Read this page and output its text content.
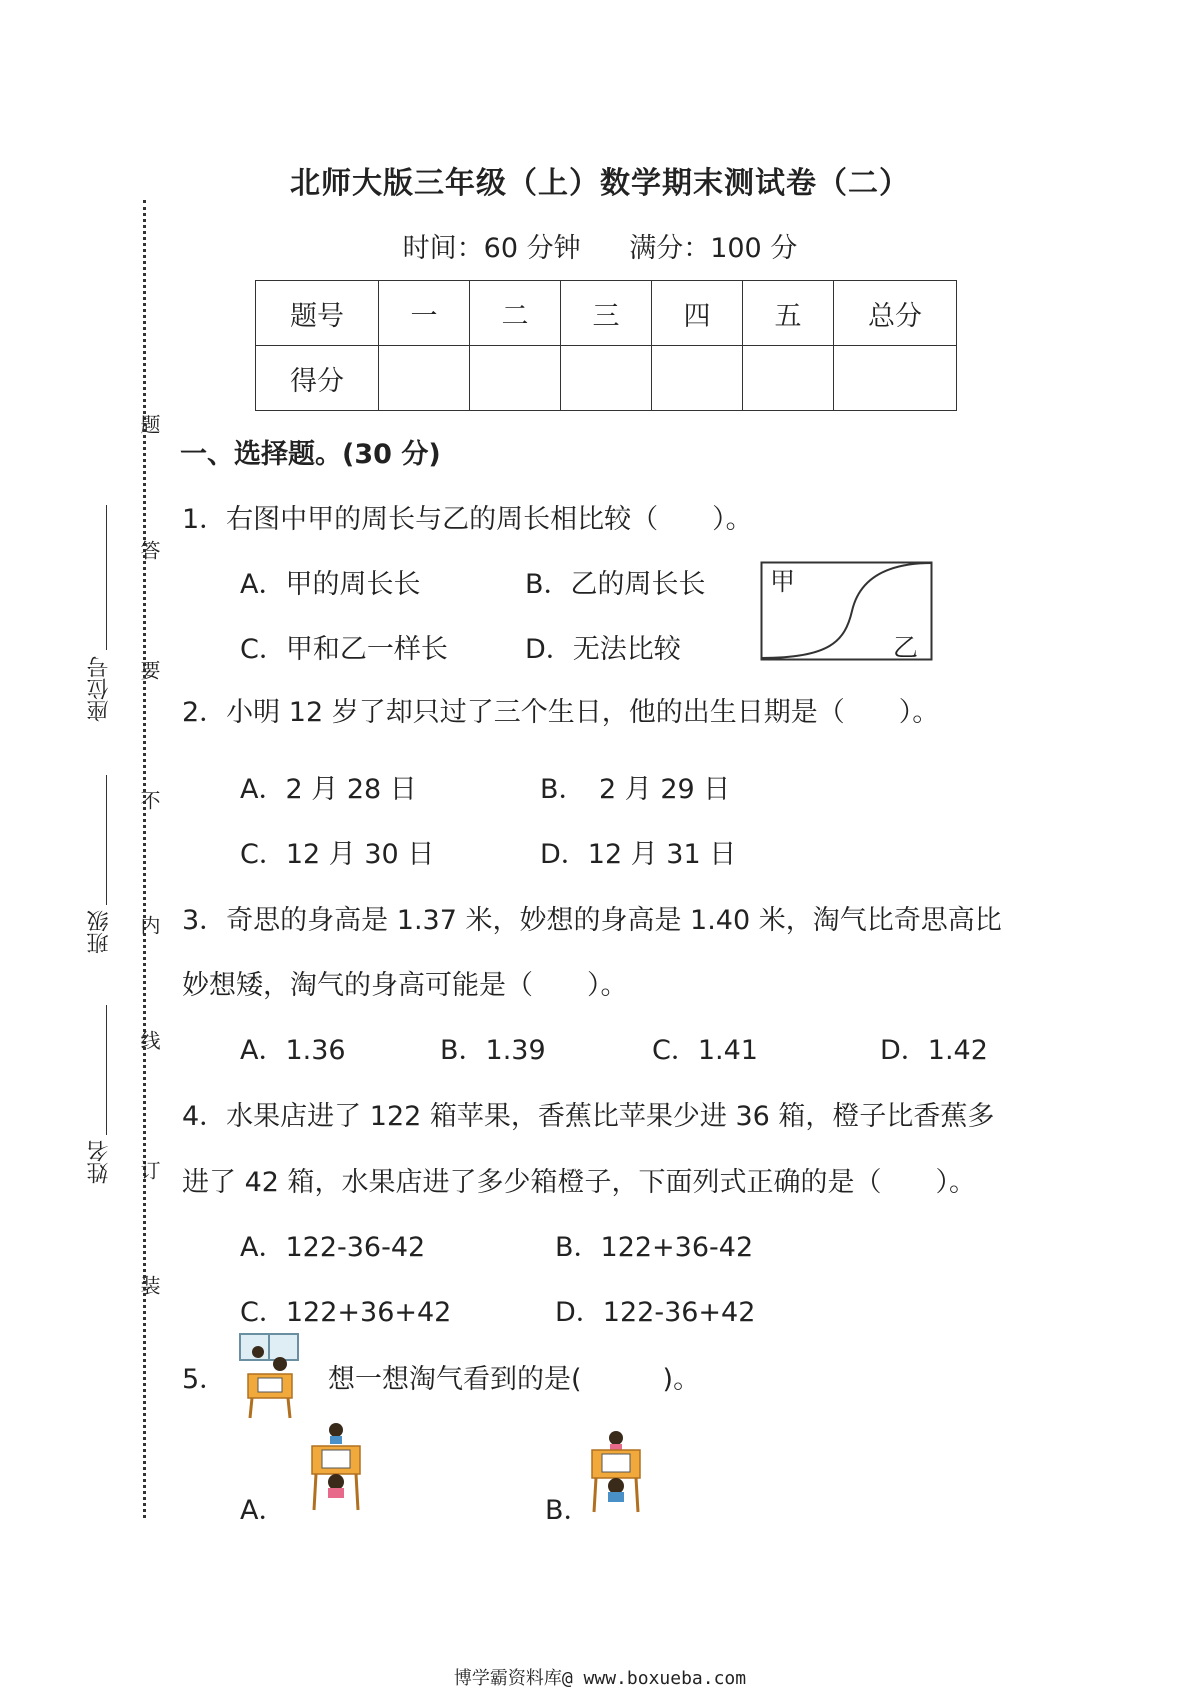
题
答
要
不
内
线
订
装
座位号
班级
姓名
北师大版三年级（上）数学期末测试卷（二）
时间：60 分钟 满分：100 分
题号	一	二	三	四	五	总分
得分						
一、选择题。(30 分)
1．右图中甲的周长与乙的周长相比较（　　）。
A．甲的周长长	B．乙的周长长
C．甲和乙一样长	D．无法比较
甲
乙
2．小明 12 岁了却只过了三个生日，他的出生日期是（　　）。
A．2 月 28 日	B．　2 月 29 日
C．12 月 30 日	D．12 月 31 日
3．奇思的身高是 1.37 米，妙想的身高是 1.40 米，淘气比奇思高比
妙想矮，淘气的身高可能是（　　）。
A．1.36	B．1.39	C．1.41	D．1.42
4．水果店进了 122 箱苹果，香蕉比苹果少进 36 箱，橙子比香蕉多
进了 42 箱，水果店进了多少箱橙子，下面列式正确的是（　　）。
A．122-36-42	B．122+36-42
C．122+36+42	D．122-36+42
5．	想一想淘气看到的是(　　　)。
A．	B．
博学霸资料库@ www.boxueba.com
